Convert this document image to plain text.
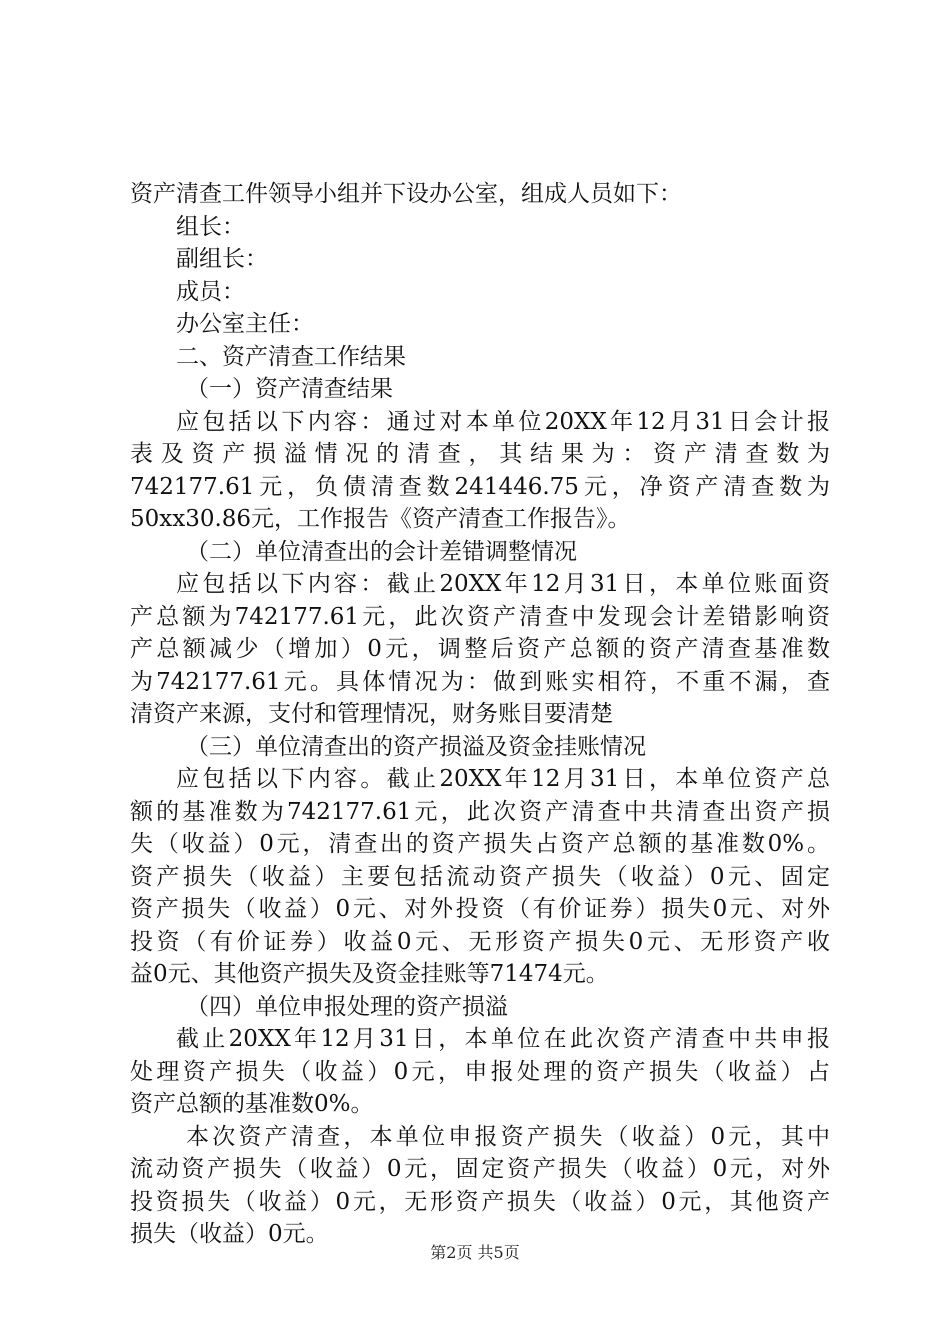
资产清查工件领导小组并下设办公室，组成人员如下：
组长：
副组长：
成员：
办公室主任：
二、资产清查工作结果
（一）资产清查结果
应包括以下内容：通过对本单位20XX年12月31日会计报
表及资产损溢情况的清查，其结果为：资产清查数为
742177.61元，负债清查数241446.75元，净资产清查数为
50xx30.86元，工作报告《资产清查工作报告》。
（二）单位清查出的会计差错调整情况
应包括以下内容：截止20XX年12月31日，本单位账面资
产总额为742177.61元，此次资产清查中发现会计差错影响资
产总额减少（增加）0元，调整后资产总额的资产清查基准数
为742177.61元。具体情况为：做到账实相符，不重不漏，查
清资产来源，支付和管理情况，财务账目要清楚
（三）单位清查出的资产损溢及资金挂账情况
应包括以下内容。截止20XX年12月31日，本单位资产总
额的基准数为742177.61元，此次资产清查中共清查出资产损
失（收益）0元，清查出的资产损失占资产总额的基准数0%。
资产损失（收益）主要包括流动资产损失（收益）0元、固定
资产损失（收益）0元、对外投资（有价证券）损失0元、对外
投资（有价证券）收益0元、无形资产损失0元、无形资产收
益0元、其他资产损失及资金挂账等71474元。
（四）单位申报处理的资产损溢
截止20XX年12月31日，本单位在此次资产清查中共申报
处理资产损失（收益）0元，申报处理的资产损失（收益）占
资产总额的基准数0%。
本次资产清查，本单位申报资产损失（收益）0元，其中
流动资产损失（收益）0元，固定资产损失（收益）0元，对外
投资损失（收益）0元，无形资产损失（收益）0元，其他资产
损失（收益）0元。
第2页 共5页
